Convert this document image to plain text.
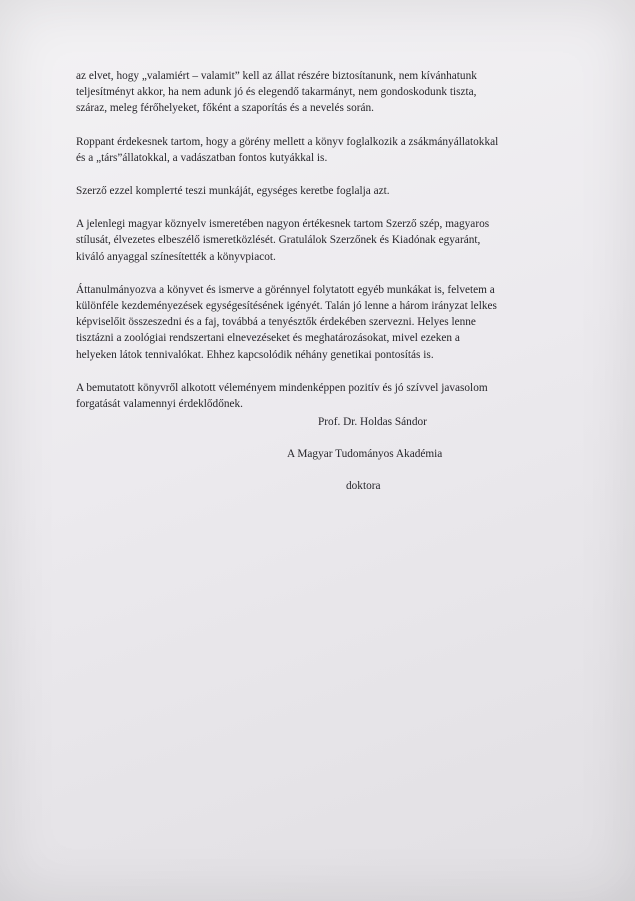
az elvet, hogy „valamiért – valamit” kell az állat részére biztosítanunk, nem kívánhatunk
teljesítményt akkor, ha nem adunk jó és elegendő takarmányt, nem gondoskodunk tiszta,
száraz, meleg férőhelyeket, főként a szaporítás és a nevelés során.

Roppant érdekesnek tartom, hogy a görény mellett a könyv foglalkozik a zsákmányállatokkal
és a „társ”állatokkal, a vadászatban fontos kutyákkal is.

Szerző ezzel komplетté teszi munkáját, egységes keretbe foglalja azt.

A jelenlegi magyar köznyelv ismeretében nagyon értékesnek tartom Szerző szép, magyaros
stílusát, élvezetes elbeszélő ismeretközlését. Gratulálok Szerzőnek és Kiadónak egyaránt,
kiváló anyaggal színesítették a könyvpiacot.

Áttanulmányozva a könyvet és ismerve a görénnyel folytatott egyéb munkákat is, felvetem a
különféle kezdeményezések egységesítésének igényét. Talán jó lenne a három irányzat lelkes
képviselőit összeszedni és a faj, továbbá a tenyésztők érdekében szervezni. Helyes lenne
tisztázni a zoológiai rendszertani elnevezéseket és meghatározásokat, mivel ezeken a
helyeken látok tennivalókat. Ehhez kapcsolódik néhány genetikai pontosítás is.

A bemutatott könyvről alkotott véleményem mindenképpen pozitív és jó szívvel javasolom
forgatását valamennyi érdeklődőnek.

Prof. Dr. Holdas Sándor
A Magyar Tudományos Akadémia
doktora
